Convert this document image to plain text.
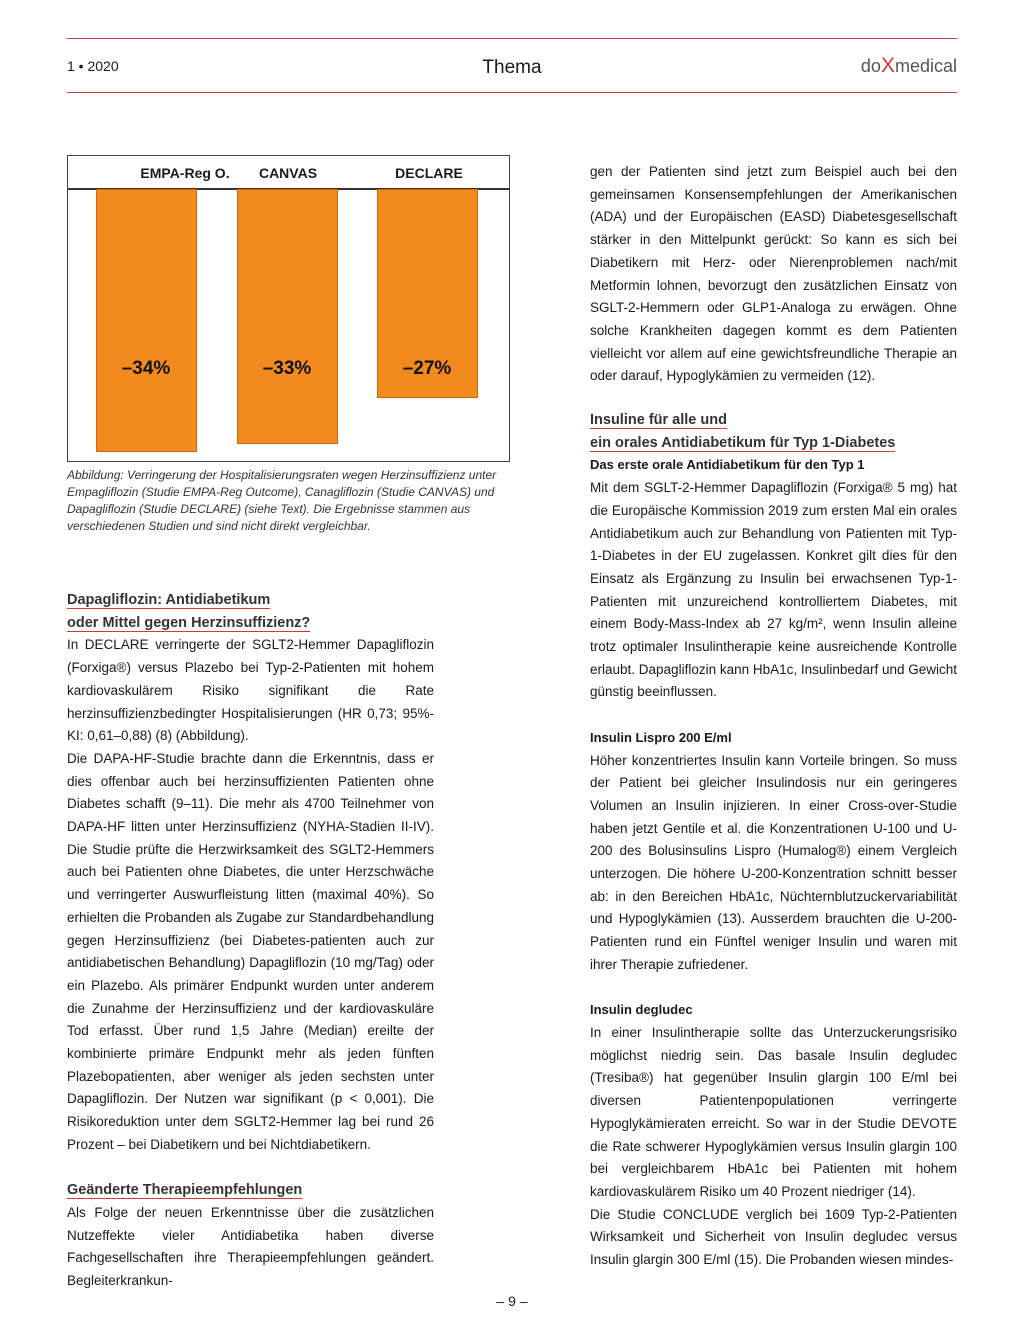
1 • 2020	Thema	doXmedical
EMPA-Reg O.
–34%
CANVAS
–33%
DECLARE
–27%
Abbildung: Verringerung der Hospitalisierungsraten wegen Herzinsuffizienz unter Empagliflozin (Studie EMPA-Reg Outcome), Canagliflozin (Studie CANVAS) und Dapagliflozin (Studie DECLARE) (siehe Text). Die Ergebnisse stammen aus verschiedenen Studien und sind nicht direkt vergleichbar.
Dapagliflozin: Antidiabetikum
oder Mittel gegen Herzinsuffizienz?

In DECLARE verringerte der SGLT2-Hemmer Dapagliflozin (Forxiga®) versus Plazebo bei Typ-2-Patienten mit hohem kardiovaskulärem Risiko signifikant die Rate herzinsuffizienzbedingter Hospitalisierungen (HR 0,73; 95%-KI: 0,61–0,88) (8) (Abbildung).

Die DAPA-HF-Studie brachte dann die Erkenntnis, dass er dies offenbar auch bei herzinsuffizienten Patienten ohne Diabetes schafft (9–11). Die mehr als 4700 Teilnehmer von DAPA-HF litten unter Herzinsuffizienz (NYHA-Stadien II-IV). Die Studie prüfte die Herzwirksamkeit des SGLT2-Hemmers auch bei Patienten ohne Diabetes, die unter Herzschwäche und verringerter Auswurfleistung litten (maximal 40%). So erhielten die Probanden als Zugabe zur Standardbehandlung gegen Herzinsuffizienz (bei Diabetes-patienten auch zur antidiabetischen Behandlung) Dapagliflozin (10 mg/Tag) oder ein Plazebo. Als primärer Endpunkt wurden unter anderem die Zunahme der Herzinsuffizienz und der kardiovaskuläre Tod erfasst. Über rund 1,5 Jahre (Median) ereilte der kombinierte primäre Endpunkt mehr als jeden fünften Plazebopatienten, aber weniger als jeden sechsten unter Dapagliflozin. Der Nutzen war signifikant (p < 0,001). Die Risikoreduktion unter dem SGLT2-Hemmer lag bei rund 26 Prozent – bei Diabetikern und bei Nichtdiabetikern.

Geänderte Therapieempfehlungen

Als Folge der neuen Erkenntnisse über die zusätzlichen Nutzeffekte vieler Antidiabetika haben diverse Fachgesellschaften ihre Therapieempfehlungen geändert. Begleiterkrankun-

gen der Patienten sind jetzt zum Beispiel auch bei den gemeinsamen Konsensempfehlungen der Amerikanischen (ADA) und der Europäischen (EASD) Diabetesgesellschaft stärker in den Mittelpunkt gerückt: So kann es sich bei Diabetikern mit Herz- oder Nierenproblemen nach/mit Metformin lohnen, bevorzugt den zusätzlichen Einsatz von SGLT-2-Hemmern oder GLP1-Analoga zu erwägen. Ohne solche Krankheiten dagegen kommt es dem Patienten vielleicht vor allem auf eine gewichtsfreundliche Therapie an oder darauf, Hypoglykämien zu vermeiden (12).

Insuline für alle und
ein orales Antidiabetikum für Typ 1-Diabetes
Das erste orale Antidiabetikum für den Typ 1

Mit dem SGLT-2-Hemmer Dapagliflozin (Forxiga® 5 mg) hat die Europäische Kommission 2019 zum ersten Mal ein orales Antidiabetikum auch zur Behandlung von Patienten mit Typ-1-Diabetes in der EU zugelassen. Konkret gilt dies für den Einsatz als Ergänzung zu Insulin bei erwachsenen Typ-1-Patienten mit unzureichend kontrolliertem Diabetes, mit einem Body-Mass-Index ab 27 kg/m², wenn Insulin alleine trotz optimaler Insulintherapie keine ausreichende Kontrolle erlaubt. Dapagliflozin kann HbA1c, Insulinbedarf und Gewicht günstig beeinflussen.

Insulin Lispro 200 E/ml

Höher konzentriertes Insulin kann Vorteile bringen. So muss der Patient bei gleicher Insulindosis nur ein geringeres Volumen an Insulin injizieren. In einer Cross-over-Studie haben jetzt Gentile et al. die Konzentrationen U-100 und U-200 des Bolusinsulins Lispro (Humalog®) einem Vergleich unterzogen. Die höhere U-200-Konzentration schnitt besser ab: in den Bereichen HbA1c, Nüchternblutzuckervariabilität und Hypoglykämien (13). Ausserdem brauchten die U-200-Patienten rund ein Fünftel weniger Insulin und waren mit ihrer Therapie zufriedener.

Insulin degludec

In einer Insulintherapie sollte das Unterzuckerungsrisiko möglichst niedrig sein. Das basale Insulin degludec (Tresiba®) hat gegenüber Insulin glargin 100 E/ml bei diversen Patientenpopulationen verringerte Hypoglykämieraten erreicht. So war in der Studie DEVOTE die Rate schwerer Hypoglykämien versus Insulin glargin 100 bei vergleichbarem HbA1c bei Patienten mit hohem kardiovaskulärem Risiko um 40 Prozent niedriger (14).

Die Studie CONCLUDE verglich bei 1609 Typ-2-Patienten Wirksamkeit und Sicherheit von Insulin degludec versus Insulin glargin 300 E/ml (15). Die Probanden wiesen mindes-

– 9 –
